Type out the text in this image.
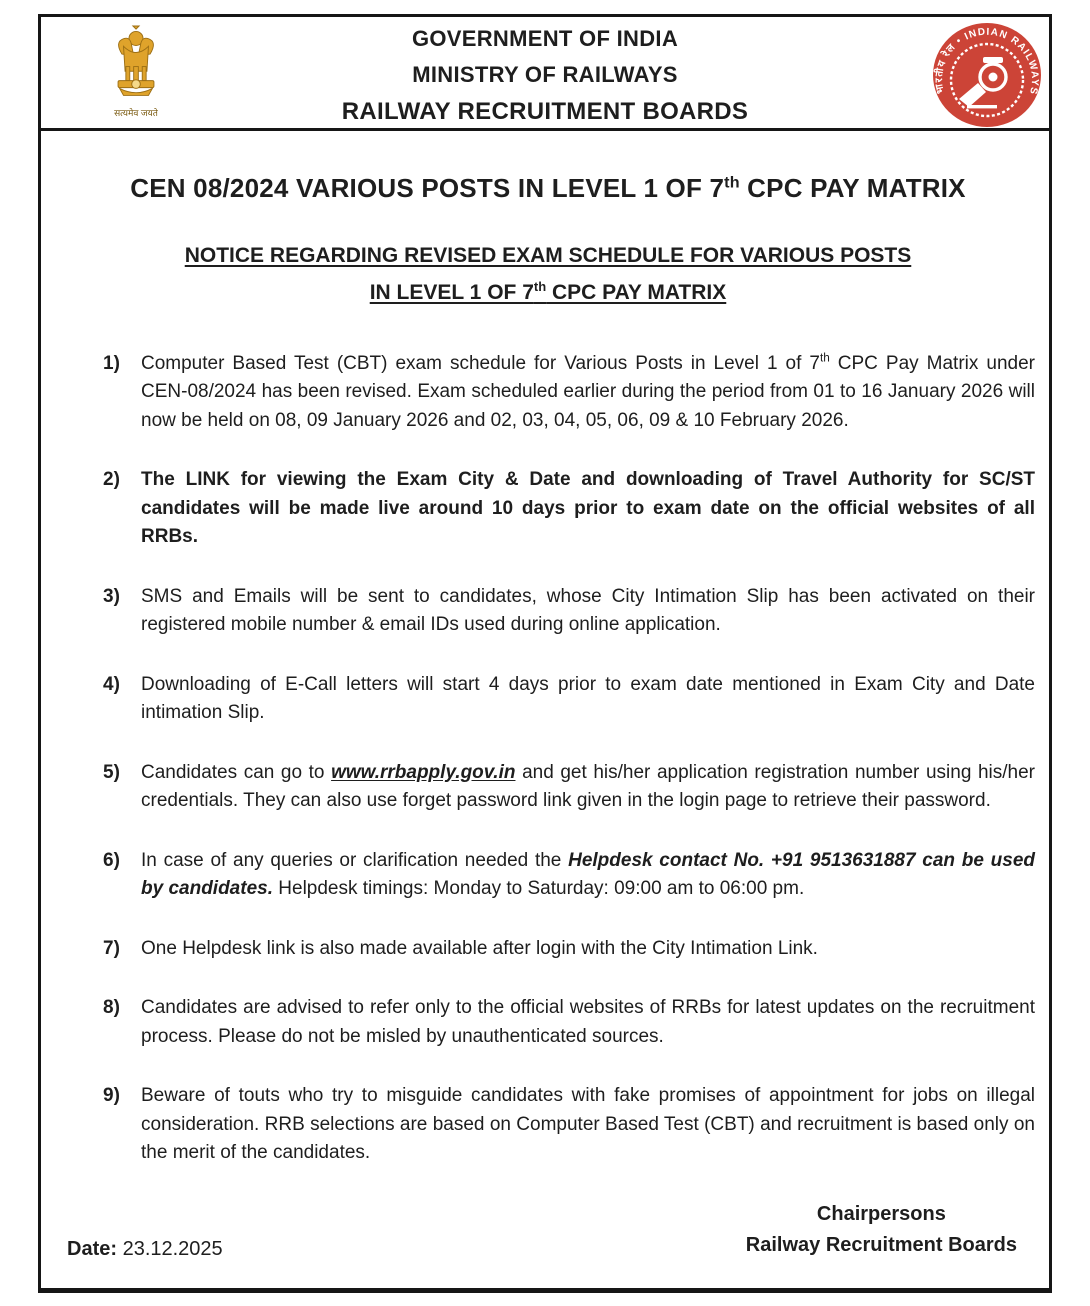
सत्यमेव जयते
GOVERNMENT OF INDIA
MINISTRY OF RAILWAYS
RAILWAY RECRUITMENT BOARDS
भारतीय रेल • INDIAN RAILWAYS
CEN 08/2024 VARIOUS POSTS IN LEVEL 1 OF 7th CPC PAY MATRIX
NOTICE REGARDING REVISED EXAM SCHEDULE FOR VARIOUS POSTS
IN LEVEL 1 OF 7th CPC PAY MATRIX
1)	Computer Based Test (CBT) exam schedule for Various Posts in Level 1 of 7th CPC Pay Matrix under CEN-08/2024 has been revised. Exam scheduled earlier during the period from 01 to 16 January 2026 will now be held on 08, 09 January 2026 and 02, 03, 04, 05, 06, 09 & 10 February 2026.
2)	The LINK for viewing the Exam City & Date and downloading of Travel Authority for SC/ST candidates will be made live around 10 days prior to exam date on the official websites of all RRBs.
3)	SMS and Emails will be sent to candidates, whose City Intimation Slip has been activated on their registered mobile number & email IDs used during online application.
4)	Downloading of E-Call letters will start 4 days prior to exam date mentioned in Exam City and Date intimation Slip.
5)	Candidates can go to www.rrbapply.gov.in and get his/her application registration number using his/her credentials. They can also use forget password link given in the login page to retrieve their password.
6)	In case of any queries or clarification needed the Helpdesk contact No. +91 9513631887 can be used by candidates. Helpdesk timings: Monday to Saturday: 09:00 am to 06:00 pm.
7)	One Helpdesk link is also made available after login with the City Intimation Link.
8)	Candidates are advised to refer only to the official websites of RRBs for latest updates on the recruitment process. Please do not be misled by unauthenticated sources.
9)	Beware of touts who try to misguide candidates with fake promises of appointment for jobs on illegal consideration. RRB selections are based on Computer Based Test (CBT) and recruitment is based only on the merit of the candidates.
Date: 23.12.2025
Chairpersons
Railway Recruitment Boards
